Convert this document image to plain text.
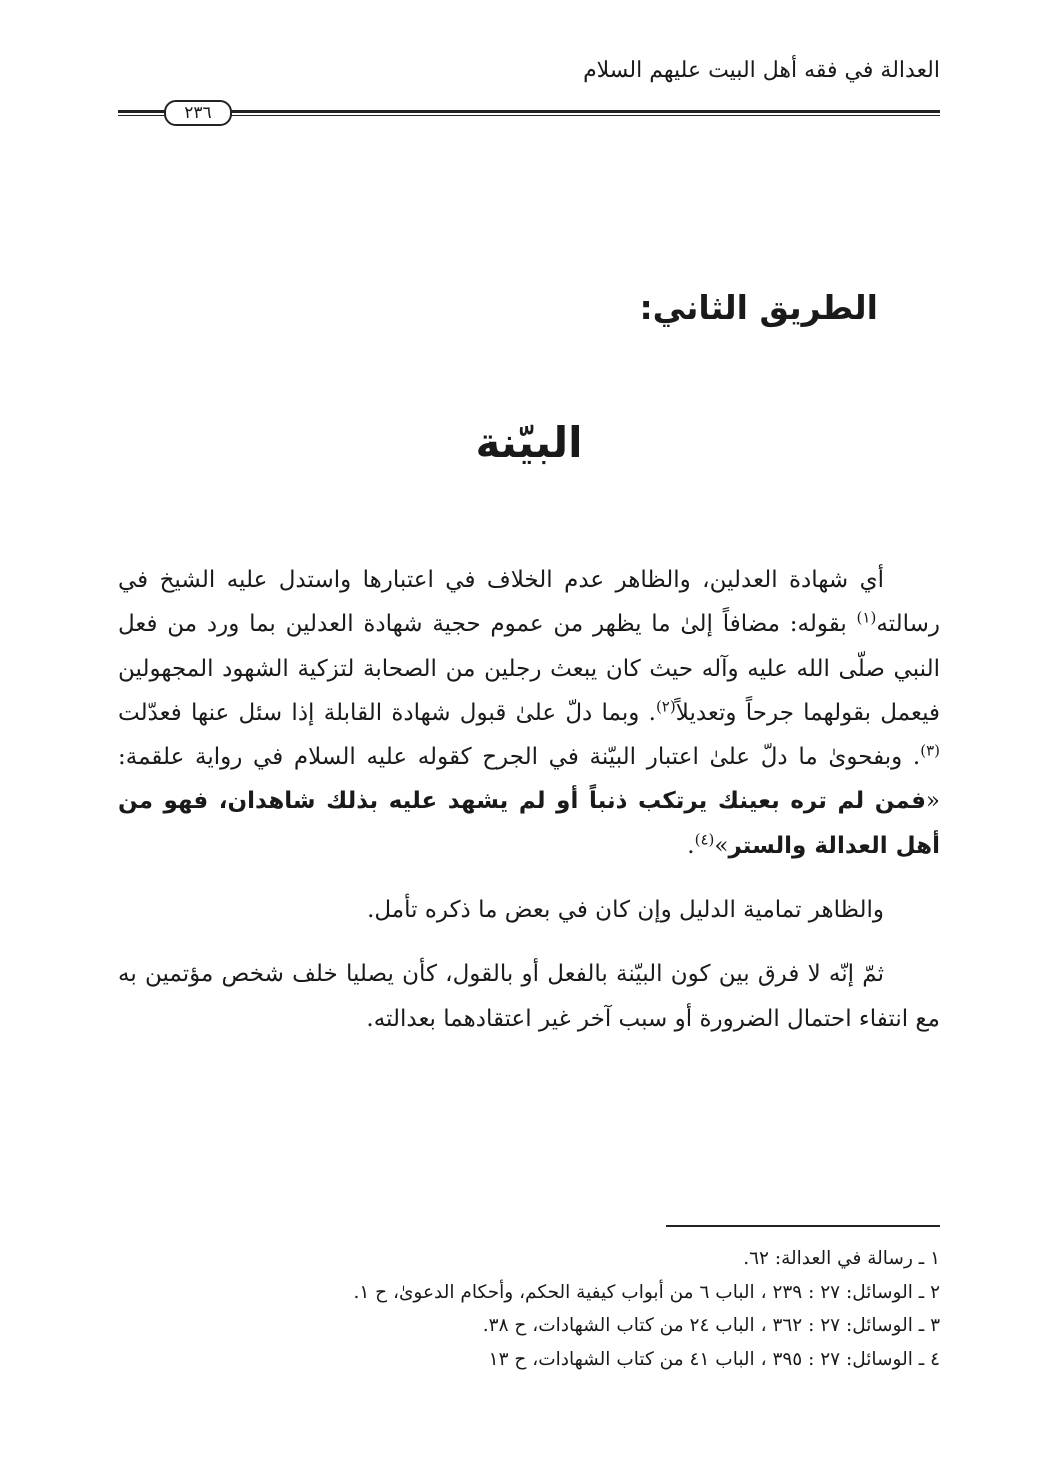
العدالة في فقه أهل البيت عليهم السلام
٢٣٦
الطريق الثاني:
البيّنة

أي شهادة العدلين، والظاهر عدم الخلاف في اعتبارها واستدل عليه الشيخ في رسالته$^{(١)}$ بقوله: مضافاً إلىٰ ما يظهر من عموم حجية شهادة العدلين بما ورد من فعل النبي صلّى الله عليه وآله حيث كان يبعث رجلين من الصحابة لتزكية الشهود المجهولين فيعمل بقولهما جرحاً وتعديلاً$^{(٢)}$. وبما دلّ علىٰ قبول شهادة القابلة إذا سئل عنها فعدّلت $^{(٣)}$. وبفحوىٰ ما دلّ علىٰ اعتبار البيّنة في الجرح كقوله عليه السلام في رواية علقمة: «فمن لم تره بعينك يرتكب ذنباً أو لم يشهد عليه بذلك شاهدان، فهو من أهل العدالة والستر»$^{(٤)}$.

والظاهر تمامية الدليل وإن كان في بعض ما ذكره تأمل.

ثمّ إنّه لا فرق بين كون البيّنة بالفعل أو بالقول، كأن يصليا خلف شخص مؤتمين به مع انتفاء احتمال الضرورة أو سبب آخر غير اعتقادهما بعدالته.

١ ـ رسالة في العدالة: ٦٢.
٢ ـ الوسائل: ٢٧ : ٢٣٩ ، الباب ٦ من أبواب كيفية الحكم، وأحكام الدعوىٰ، ح ١.
٣ ـ الوسائل: ٢٧ : ٣٦٢ ، الباب ٢٤ من كتاب الشهادات، ح ٣٨.
٤ ـ الوسائل: ٢٧ : ٣٩٥ ، الباب ٤١ من كتاب الشهادات، ح ١٣
